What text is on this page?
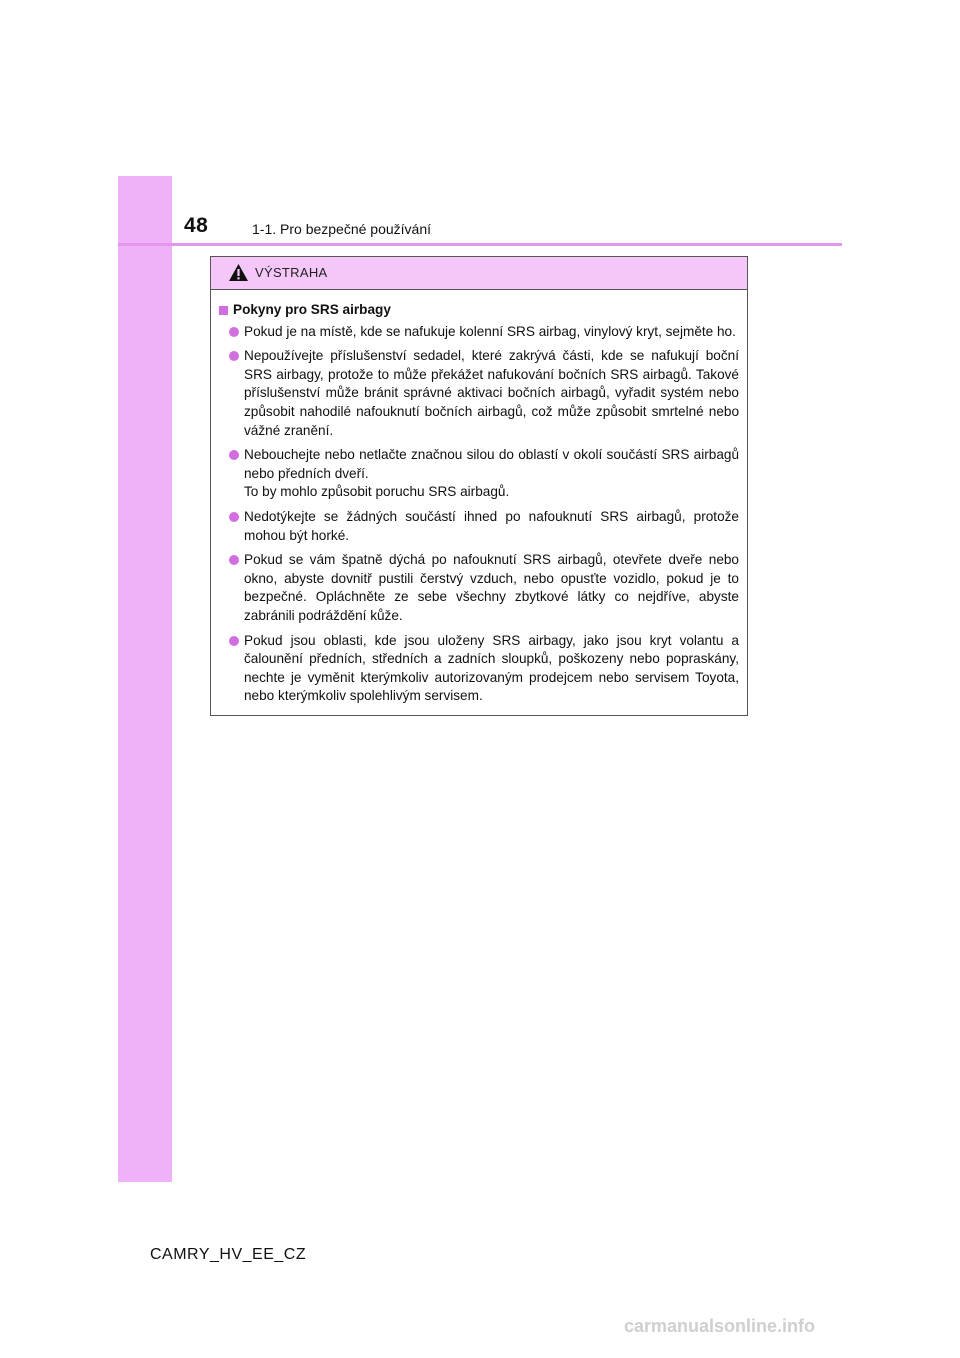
48	1-1. Pro bezpečné používání
VÝSTRAHA
Pokyny pro SRS airbagy
Pokud je na místě, kde se nafukuje kolenní SRS airbag, vinylový kryt, sejměte ho.
Nepoužívejte příslušenství sedadel, které zakrývá části, kde se nafukují boční SRS airbagy, protože to může překážet nafukování bočních SRS airbagů. Takové příslušenství může bránit správné aktivaci bočních airbagů, vyřadit systém nebo způsobit nahodilé nafouknutí bočních airbagů, což může způsobit smrtelné nebo vážné zranění.
Nebouchejte nebo netlačte značnou silou do oblastí v okolí součástí SRS airbagů nebo předních dveří.
To by mohlo způsobit poruchu SRS airbagů.
Nedotýkejte se žádných součástí ihned po nafouknutí SRS airbagů, protože mohou být horké.
Pokud se vám špatně dýchá po nafouknutí SRS airbagů, otevřete dveře nebo okno, abyste dovnitř pustili čerstvý vzduch, nebo opusťte vozidlo, pokud je to bezpečné. Opláchněte ze sebe všechny zbytkové látky co nejdříve, abyste zabránili podráždění kůže.
Pokud jsou oblasti, kde jsou uloženy SRS airbagy, jako jsou kryt volantu a čalounění předních, středních a zadních sloupků, poškozeny nebo popraskány, nechte je vyměnit kterýmkoliv autorizovaným prodejcem nebo servisem Toyota, nebo kterýmkoliv spolehlivým servisem.
CAMRY_HV_EE_CZ
carmanualsonline.info
